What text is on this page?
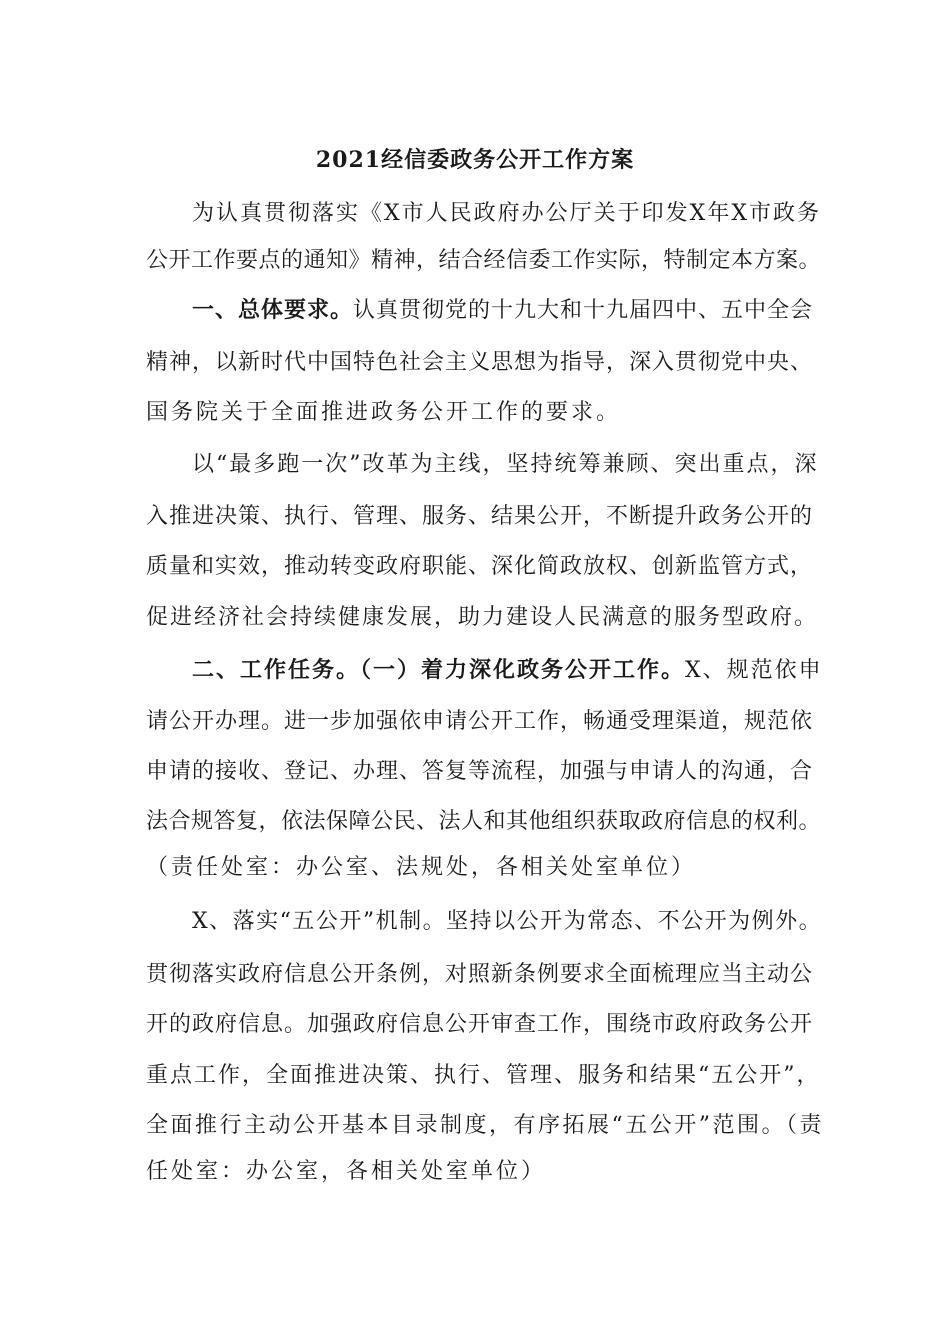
2021经信委政务公开工作方案
为认真贯彻落实《X市人民政府办公厅关于印发X年X市政务
公开工作要点的通知》精神，结合经信委工作实际，特制定本方案。
一、总体要求。认真贯彻党的十九大和十九届四中、五中全会
精神，以新时代中国特色社会主义思想为指导，深入贯彻党中央、
国务院关于全面推进政务公开工作的要求。
以“最多跑一次”改革为主线，坚持统筹兼顾、突出重点，深
入推进决策、执行、管理、服务、结果公开，不断提升政务公开的
质量和实效，推动转变政府职能、深化简政放权、创新监管方式，
促进经济社会持续健康发展，助力建设人民满意的服务型政府。
二、工作任务。（一）着力深化政务公开工作。X、规范依申
请公开办理。进一步加强依申请公开工作，畅通受理渠道，规范依
申请的接收、登记、办理、答复等流程，加强与申请人的沟通，合
法合规答复，依法保障公民、法人和其他组织获取政府信息的权利。
（责任处室：办公室、法规处，各相关处室单位）
X、落实“五公开”机制。坚持以公开为常态、不公开为例外。
贯彻落实政府信息公开条例，对照新条例要求全面梳理应当主动公
开的政府信息。加强政府信息公开审查工作，围绕市政府政务公开
重点工作，全面推进决策、执行、管理、服务和结果“五公开”，
全面推行主动公开基本目录制度，有序拓展“五公开”范围。（责
任处室：办公室，各相关处室单位）
